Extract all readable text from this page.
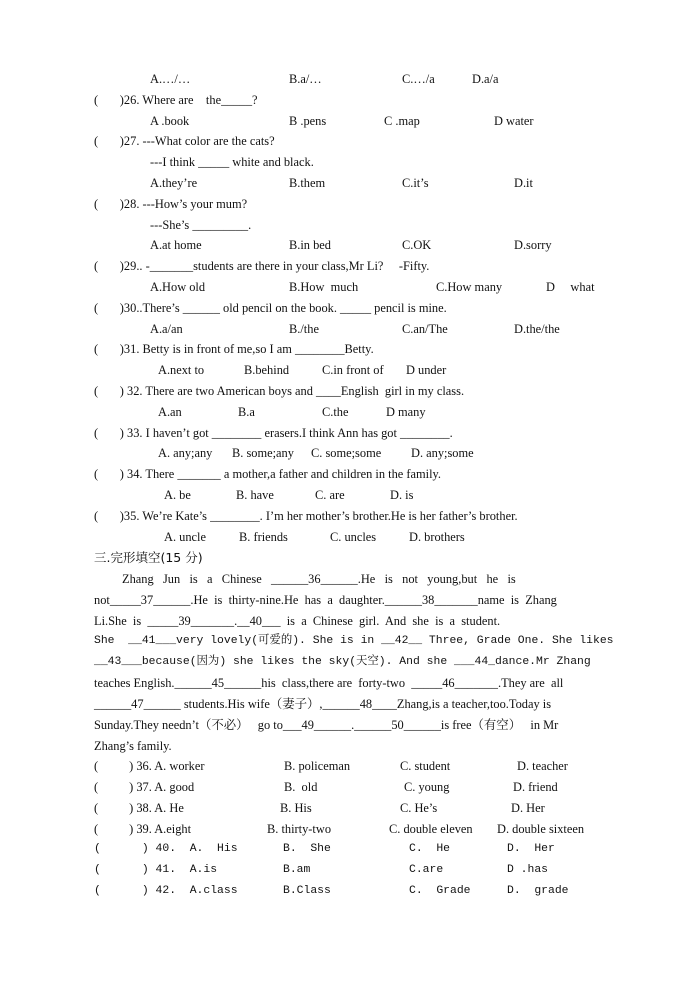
A.…/…	B.a/…	C.…/a	D.a/a
(       )26. Where are    the_____?
A .book	B .pens	C .map	D water
(       )27. ---What color are the cats?
---I think _____ white and black.
A.they’re	B.them	C.it’s	D.it
(       )28. ---How’s your mum?
---She’s _________.
A.at home	B.in bed	C.OK	D.sorry
(       )29.. -_______students are there in your class,Mr Li?     -Fifty.
A.How old	B.How  much	C.How many	D     what
(       )30..There’s ______ old pencil on the book. _____ pencil is mine.
A.a/an	B./the	C.an/The	D.the/the
(       )31. Betty is in front of me,so I am ________Betty.
A.next to	B.behind	C.in front of D under
(       ) 32. There are two American boys and ____English  girl in my class.
A.an	B.a	C.the	D many
(       ) 33. I haven’t got ________ erasers.I think Ann has got ________.
A. any;any B. some;any C. some;some D. any;some
(       ) 34. There _______ a mother,a father and children in the family.
A. be	B. have	C. are	D. is
(       )35. We’re Kate’s ________. I’m her mother’s brother.He is her father’s brother.
A. uncle	B. friends	C. uncles	D. brothers
三.完形填空(15 分)
Zhang   Jun   is   a   Chinese   ______36______.He   is   not   young,but   he   is
not_____37______.He  is  thirty-nine.He  has  a  daughter.______38_______name  is  Zhang
Li.She  is  _____39_______.__40___  is  a  Chinese  girl.  And  she  is  a  student.
She  __41___very lovely(可爱的). She is in __42__ Three, Grade One. She likes
__43___because(因为) she likes the sky(天空). And she ___44_dance.Mr Zhang
teaches English.______45______his  class,there are  forty-two  _____46_______.They are  all
______47______ students.His wife（妻子）,______48____Zhang,is a teacher,too.Today is
Sunday.They needn’t（不必）   go to___49______.______50______is free（有空）   in Mr
Zhang’s family.
(          ) 36. A. worker	B. policeman	C. student	D. teacher
(          ) 37. A. good	B.  old	C. young	D. friend
(          ) 38. A. He	B. His	C. He’s	D. Her
(          ) 39. A.eight	B. thirty-two	C. double eleven D. double sixteen
(      ) 40.  A.  His	B.  She	C.  He	D.  Her
(      ) 41.  A.is	B.am	C.are	D .has
(      ) 42.  A.class	B.Class	C.  Grade	D.  grade
